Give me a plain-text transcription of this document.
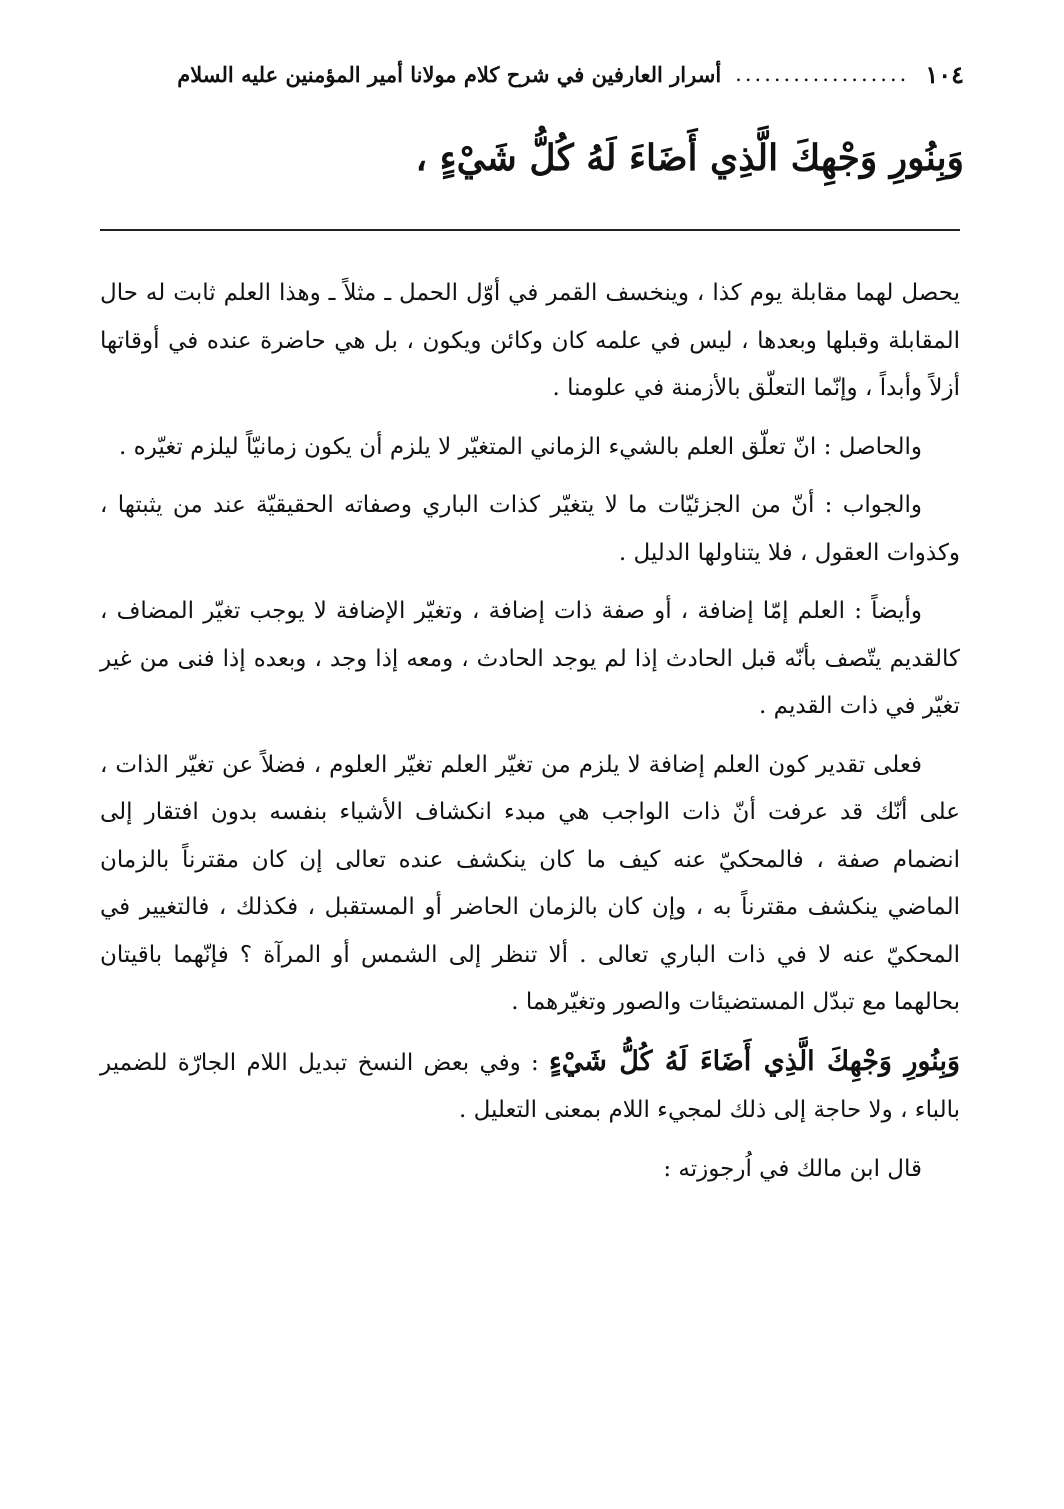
١٠٤
..................
أسرار العارفين في شرح كلام مولانا أمير المؤمنين عليه السلام
وَبِنُورِ وَجْهِكَ الَّذِي أَضَاءَ لَهُ كُلُّ شَيْءٍ ،

يحصل لهما مقابلة يوم كذا ، وينخسف القمر في أوّل الحمل ـ مثلاً ـ وهذا العلم ثابت له حال المقابلة وقبلها وبعدها ، ليس في علمه كان وكائن ويكون ، بل هي حاضرة عنده في أوقاتها أزلاً وأبداً ، وإنّما التعلّق بالأزمنة في علومنا .

والحاصل : انّ تعلّق العلم بالشيء الزماني المتغيّر لا يلزم أن يكون زمانيّاً ليلزم تغيّره .

والجواب : أنّ من الجزئيّات ما لا يتغيّر كذات الباري وصفاته الحقيقيّة عند من يثبتها ، وكذوات العقول ، فلا يتناولها الدليل .

وأيضاً : العلم إمّا إضافة ، أو صفة ذات إضافة ، وتغيّر الإضافة لا يوجب تغيّر المضاف ، كالقديم يتّصف بأنّه قبل الحادث إذا لم يوجد الحادث ، ومعه إذا وجد ، وبعده إذا فنى من غير تغيّر في ذات القديم .

فعلى تقدير كون العلم إضافة لا يلزم من تغيّر العلم تغيّر العلوم ، فضلاً عن تغيّر الذات ، على أنّك قد عرفت أنّ ذات الواجب هي مبدء انكشاف الأشياء بنفسه بدون افتقار إلى انضمام صفة ، فالمحكيّ عنه كيف ما كان ينكشف عنده تعالى إن كان مقترناً بالزمان الماضي ينكشف مقترناً به ، وإن كان بالزمان الحاضر أو المستقبل ، فكذلك ، فالتغيير في المحكيّ عنه لا في ذات الباري تعالى . ألا تنظر إلى الشمس أو المرآة ؟ فإنّهما باقيتان بحالهما مع تبدّل المستضيئات والصور وتغيّرهما .

وَبِنُورِ وَجْهِكَ الَّذِي أَضَاءَ لَهُ كُلُّ شَيْءٍ : وفي بعض النسخ تبديل اللام الجارّة للضمير بالباء ، ولا حاجة إلى ذلك لمجيء اللام بمعنى التعليل .

قال ابن مالك في اُرجوزته :
